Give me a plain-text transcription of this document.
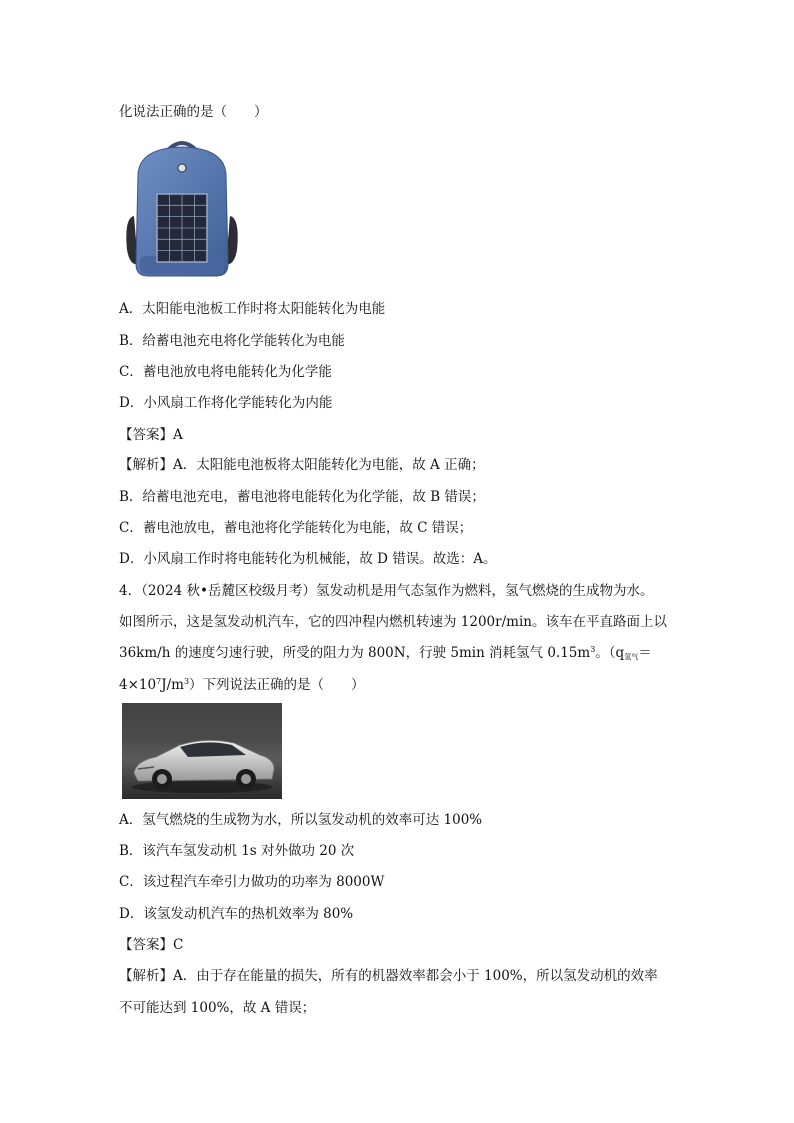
化说法正确的是（　　）
A．太阳能电池板工作时将太阳能转化为电能
B．给蓄电池充电将化学能转化为电能
C．蓄电池放电将电能转化为化学能
D．小风扇工作将化学能转化为内能
【答案】A
【解析】A．太阳能电池板将太阳能转化为电能，故 A 正确；
B．给蓄电池充电，蓄电池将电能转化为化学能，故 B 错误；
C．蓄电池放电，蓄电池将化学能转化为电能，故 C 错误；
D．小风扇工作时将电能转化为机械能，故 D 错误。故选：A。
4．（2024 秋•岳麓区校级月考）氢发动机是用气态氢作为燃料，氢气燃烧的生成物为水。
如图所示，这是氢发动机汽车，它的四冲程内燃机转速为 1200r/min。该车在平直路面上以
36km/h 的速度匀速行驶，所受的阻力为 800N，行驶 5min 消耗氢气 $0.15m^3$。（$q_{氢气}=$
$4\times 10^7J/m^3$）下列说法正确的是（　　）
A．氢气燃烧的生成物为水，所以氢发动机的效率可达 100%
B．该汽车氢发动机 1s 对外做功 20 次
C．该过程汽车牵引力做功的功率为 8000W
D．该氢发动机汽车的热机效率为 80%
【答案】C
【解析】A．由于存在能量的损失，所有的机器效率都会小于 100%，所以氢发动机的效率
不可能达到 100%，故 A 错误；
